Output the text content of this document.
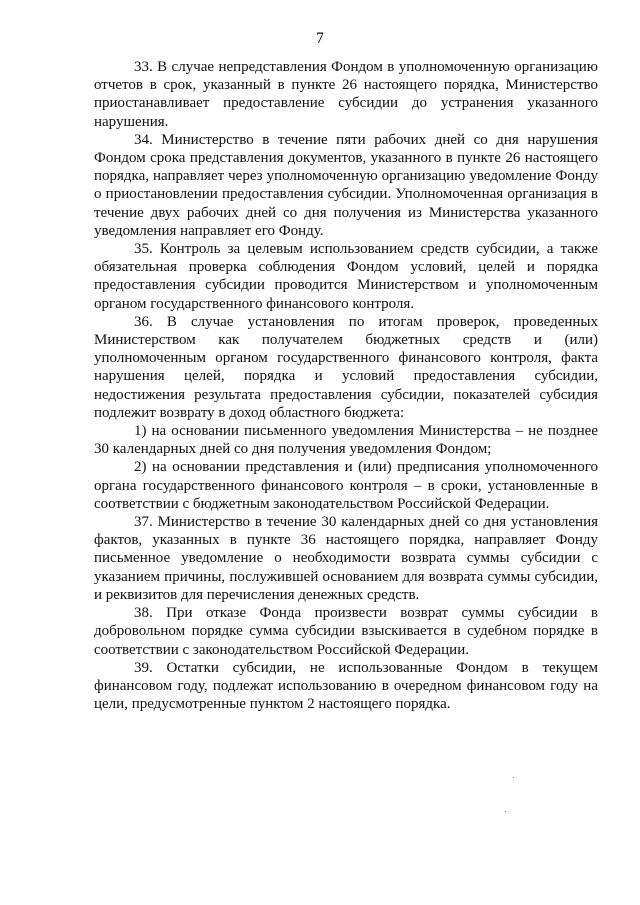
7

33. В случае непредставления Фондом в уполномоченную организацию отчетов в срок, указанный в пункте 26 настоящего порядка, Министерство приостанавливает предоставление субсидии до устранения указанного нарушения.

34. Министерство в течение пяти рабочих дней со дня нарушения Фондом срока представления документов, указанного в пункте 26 настоящего порядка, направляет через уполномоченную организацию уведомление Фонду о приостановлении предоставления субсидии. Уполномоченная организация в течение двух рабочих дней со дня получения из Министерства указанного уведомления направляет его Фонду.

35. Контроль за целевым использованием средств субсидии, а также обязательная проверка соблюдения Фондом условий, целей и порядка предоставления субсидии проводится Министерством и уполномоченным органом государственного финансового контроля.

36. В случае установления по итогам проверок, проведенных Министерством как получателем бюджетных средств и (или) уполномоченным органом государственного финансового контроля, факта нарушения целей, порядка и условий предоставления субсидии, недостижения результата предоставления субсидии, показателей субсидия подлежит возврату в доход областного бюджета:

1) на основании письменного уведомления Министерства – не позднее 30 календарных дней со дня получения уведомления Фондом;

2) на основании представления и (или) предписания уполномоченного органа государственного финансового контроля – в сроки, установленные в соответствии с бюджетным законодательством Российской Федерации.

37. Министерство в течение 30 календарных дней со дня установления фактов, указанных в пункте 36 настоящего порядка, направляет Фонду письменное уведомление о необходимости возврата суммы субсидии с указанием причины, послужившей основанием для возврата суммы субсидии, и реквизитов для перечисления денежных средств.

38. При отказе Фонда произвести возврат суммы субсидии в добровольном порядке сумма субсидии взыскивается в судебном порядке в соответствии с законодательством Российской Федерации.

39. Остатки субсидии, не использованные Фондом в текущем финансовом году, подлежат использованию в очередном финансовом году на цели, предусмотренные пунктом 2 настоящего порядка.
